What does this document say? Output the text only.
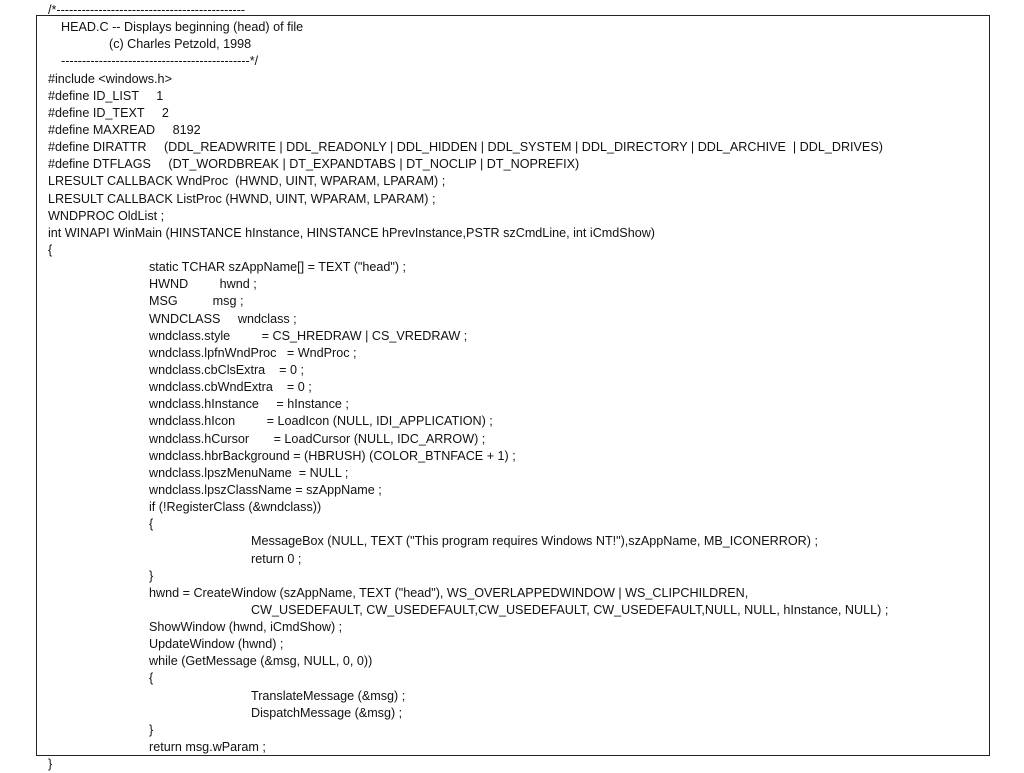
/*---------------------------------------------
HEAD.C -- Displays beginning (head) of file
(c) Charles Petzold, 1998
---------------------------------------------*/
#include <windows.h>
#define ID_LIST     1
#define ID_TEXT     2
#define MAXREAD     8192
#define DIRATTR     (DDL_READWRITE | DDL_READONLY | DDL_HIDDEN | DDL_SYSTEM | DDL_DIRECTORY | DDL_ARCHIVE  | DDL_DRIVES)
#define DTFLAGS     (DT_WORDBREAK | DT_EXPANDTABS | DT_NOCLIP | DT_NOPREFIX)
LRESULT CALLBACK WndProc  (HWND, UINT, WPARAM, LPARAM) ;
LRESULT CALLBACK ListProc (HWND, UINT, WPARAM, LPARAM) ;
WNDPROC OldList ;
int WINAPI WinMain (HINSTANCE hInstance, HINSTANCE hPrevInstance,PSTR szCmdLine, int iCmdShow)
{
static TCHAR szAppName[] = TEXT ("head") ;
HWND         hwnd ;
MSG          msg ;
WNDCLASS     wndclass ;
wndclass.style         = CS_HREDRAW | CS_VREDRAW ;
wndclass.lpfnWndProc   = WndProc ;
wndclass.cbClsExtra    = 0 ;
wndclass.cbWndExtra    = 0 ;
wndclass.hInstance     = hInstance ;
wndclass.hIcon         = LoadIcon (NULL, IDI_APPLICATION) ;
wndclass.hCursor       = LoadCursor (NULL, IDC_ARROW) ;
wndclass.hbrBackground = (HBRUSH) (COLOR_BTNFACE + 1) ;
wndclass.lpszMenuName  = NULL ;
wndclass.lpszClassName = szAppName ;
if (!RegisterClass (&wndclass))
{
MessageBox (NULL, TEXT ("This program requires Windows NT!"),szAppName, MB_ICONERROR) ;
return 0 ;
}
hwnd = CreateWindow (szAppName, TEXT ("head"), WS_OVERLAPPEDWINDOW | WS_CLIPCHILDREN,
CW_USEDEFAULT, CW_USEDEFAULT,CW_USEDEFAULT, CW_USEDEFAULT,NULL, NULL, hInstance, NULL) ;
ShowWindow (hwnd, iCmdShow) ;
UpdateWindow (hwnd) ;
while (GetMessage (&msg, NULL, 0, 0))
{
TranslateMessage (&msg) ;
DispatchMessage (&msg) ;
}
return msg.wParam ;
}
